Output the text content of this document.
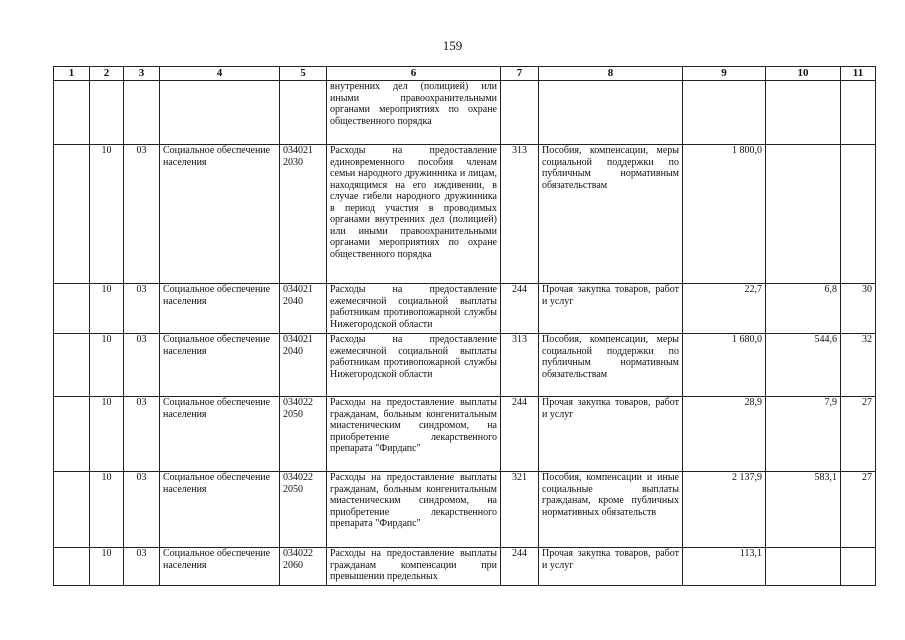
159
1	2	3	4	5	6	7	8	9	10	11
					внутренних дел (полицией) или иными правоохранительными органами мероприятиях по охране общественного порядка					
	10	03	Социальное обеспечение населения	034021 2030	Расходы на предоставление единовременного пособия членам семьи народного дружинника и лицам, находящимся на его иждивении, в случае гибели народного дружинника в период участия в проводимых органами внутренних дел (полицией) или иными правоохранительными органами мероприятиях по охране общественного порядка	313	Пособия, компенсации, меры социальной поддержки по публичным нормативным обязательствам	1 800,0		
	10	03	Социальное обеспечение населения	034021 2040	Расходы на предоставление ежемесячной социальной выплаты работникам противопожарной службы Нижегородской области	244	Прочая закупка товаров, работ и услуг	22,7	6,8	30
	10	03	Социальное обеспечение населения	034021 2040	Расходы на предоставление ежемесячной социальной выплаты работникам противопожарной службы Нижегородской области	313	Пособия, компенсации, меры социальной поддержки по публичным нормативным обязательствам	1 680,0	544,6	32
	10	03	Социальное обеспечение населения	034022 2050	Расходы на предоставление выплаты гражданам, больным конгенитальным миастеническим синдромом, на приобретение лекарственного препарата "Фирдапс"	244	Прочая закупка товаров, работ и услуг	28,9	7,9	27
	10	03	Социальное обеспечение населения	034022 2050	Расходы на предоставление выплаты гражданам, больным конгенитальным миастеническим синдромом, на приобретение лекарственного препарата "Фирдапс"	321	Пособия, компенсации и иные социальные выплаты гражданам, кроме публичных нормативных обязательств	2 137,9	583,1	27
	10	03	Социальное обеспечение населения	034022 2060	Расходы на предоставление выплаты гражданам компенсации при превышении предельных	244	Прочая закупка товаров, работ и услуг	113,1		
